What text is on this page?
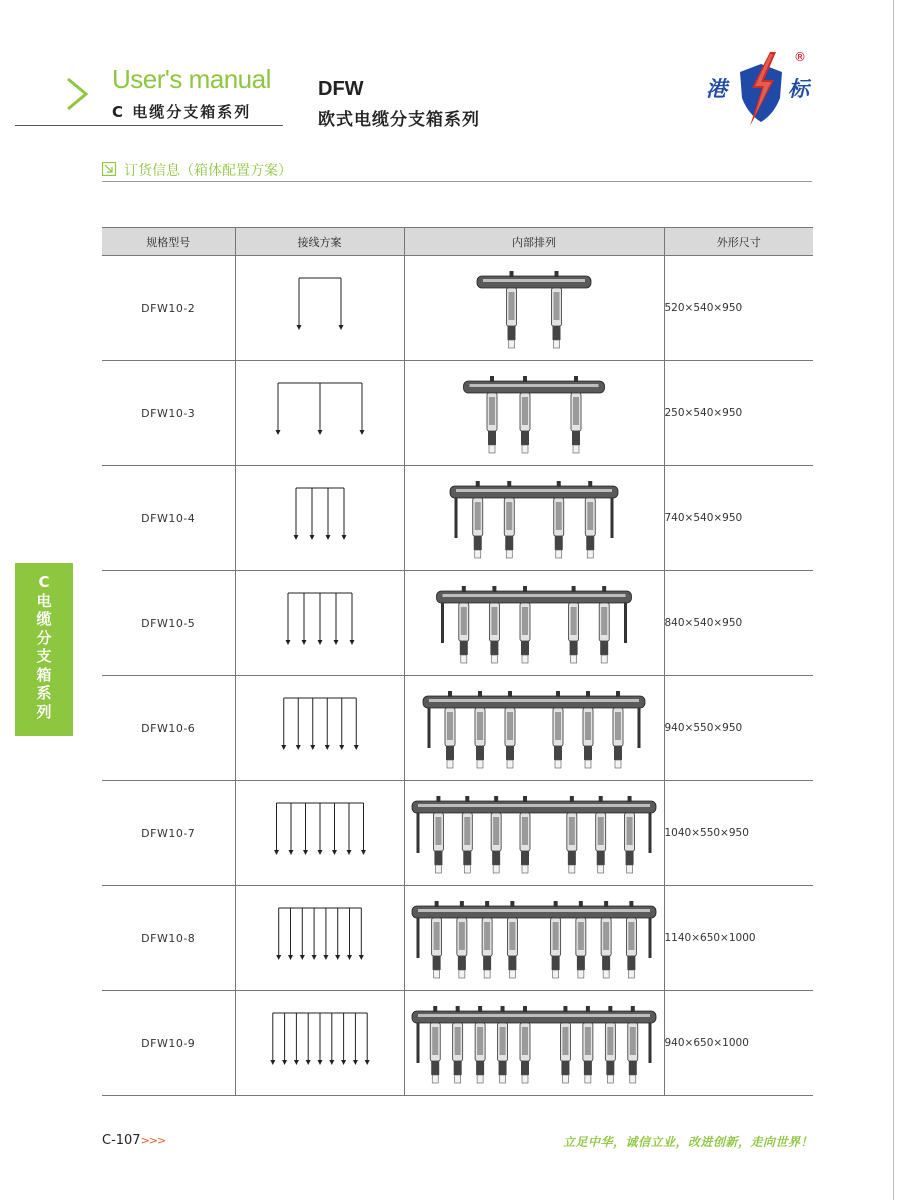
User's manual
C 电缆分支箱系列
DFW
欧式电缆分支箱系列
港
®
标
订货信息（箱体配置方案）
C
电
缆
分
支
箱
系
列
规格型号	接线方案	内部排列	外形尺寸
DFW10-2			520×540×950
DFW10-3			250×540×950
DFW10-4			740×540×950
DFW10-5			840×540×950
DFW10-6			940×550×950
DFW10-7			1040×550×950
DFW10-8			1140×650×1000
DFW10-9			940×650×1000
C-107>>>	立足中华，诚信立业，改进创新，走向世界！
